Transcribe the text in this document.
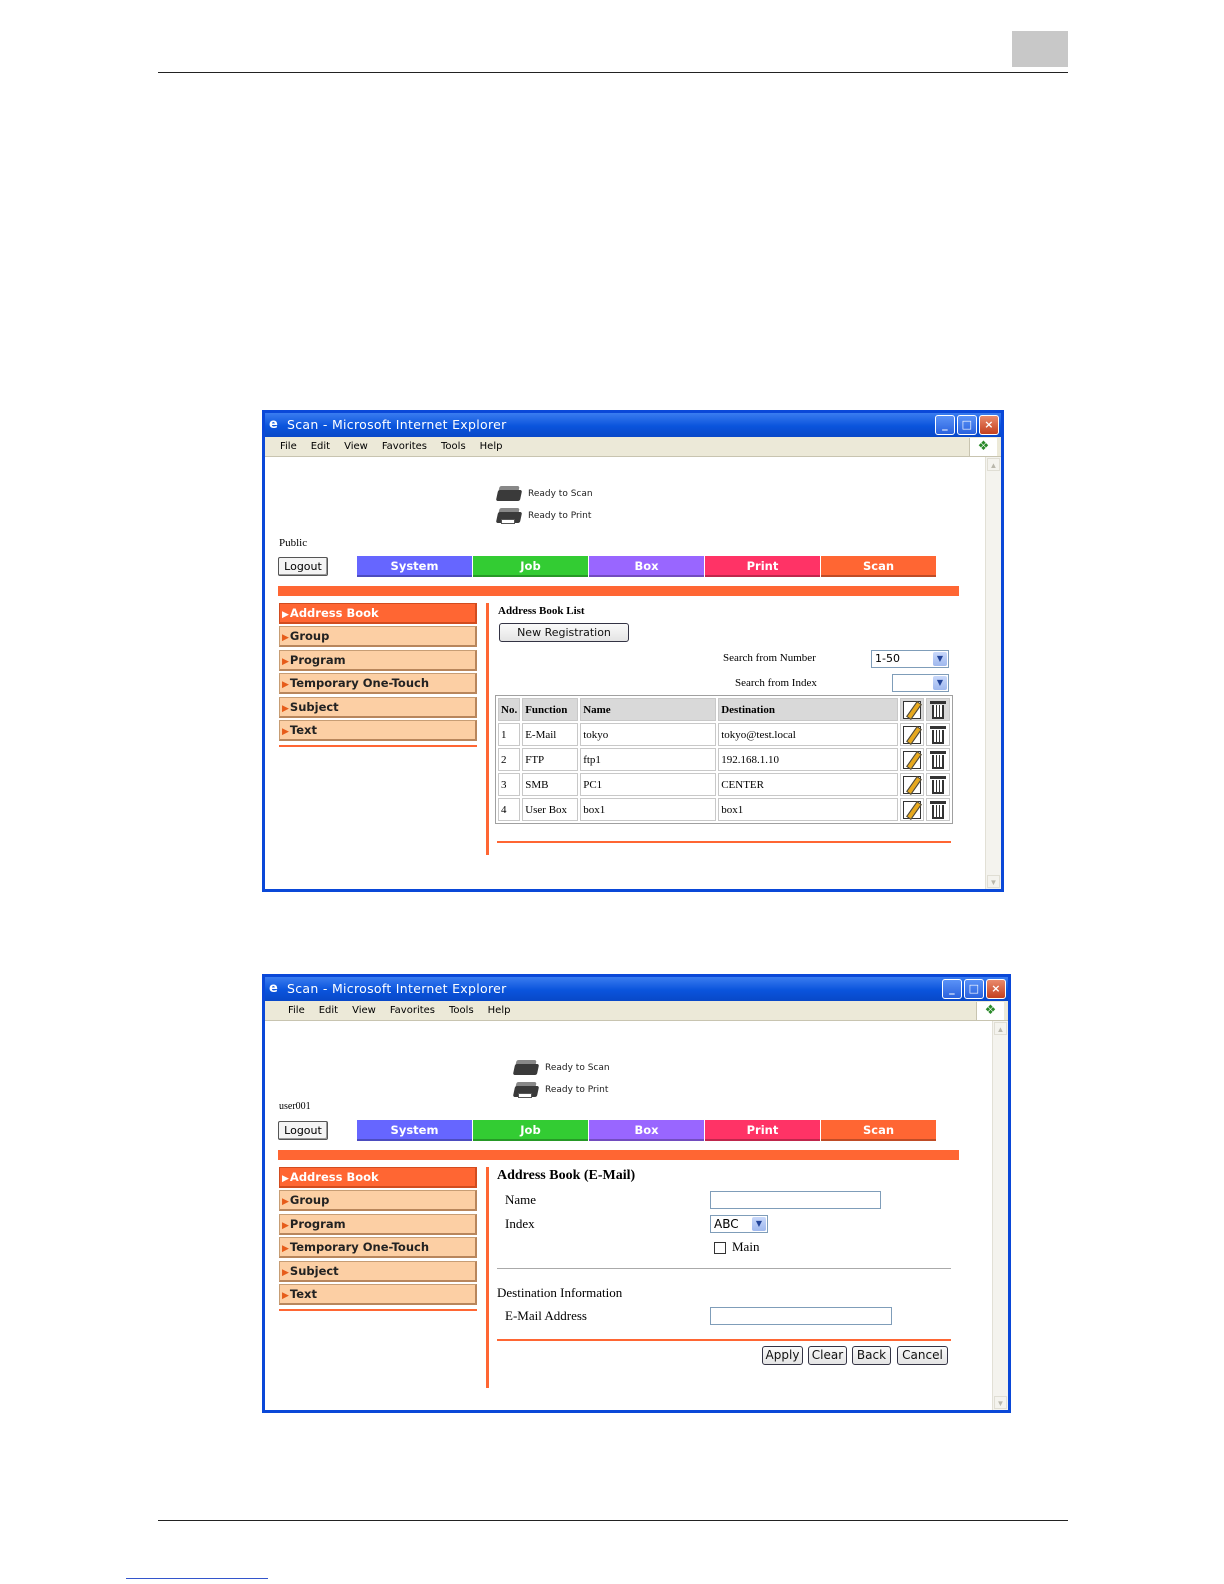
e Scan - Microsoft Internet Explorer	_	□	×
File	Edit	View	Favorites	Tools	Help	❖
Ready to Scan
Ready to Print
Public
Logout	System	Job	Box	Print	Scan
▶Address Book
▶Group
▶Program
▶Temporary One-Touch
▶Subject
▶Text
Address Book List
New Registration
Search from Number	1-50	▼
Search from Index	▼
No.	Function	Name	Destination		

1	E-Mail	tokyo	tokyo@test.local		

2	FTP	ftp1	192.168.1.10		

3	SMB	PC1	CENTER		

4	User Box	box1	box1		
▲
▼
e Scan - Microsoft Internet Explorer	_	□	×
File	Edit	View	Favorites	Tools	Help	❖
Ready to Scan
Ready to Print
user001
Logout	System	Job	Box	Print	Scan
▶Address Book
▶Group
▶Program
▶Temporary One-Touch
▶Subject
▶Text
Address Book (E-Mail)
Name
Index	ABC	▼
Main
Destination Information
E-Mail Address
Apply	Clear	Back	Cancel
▲
▼
